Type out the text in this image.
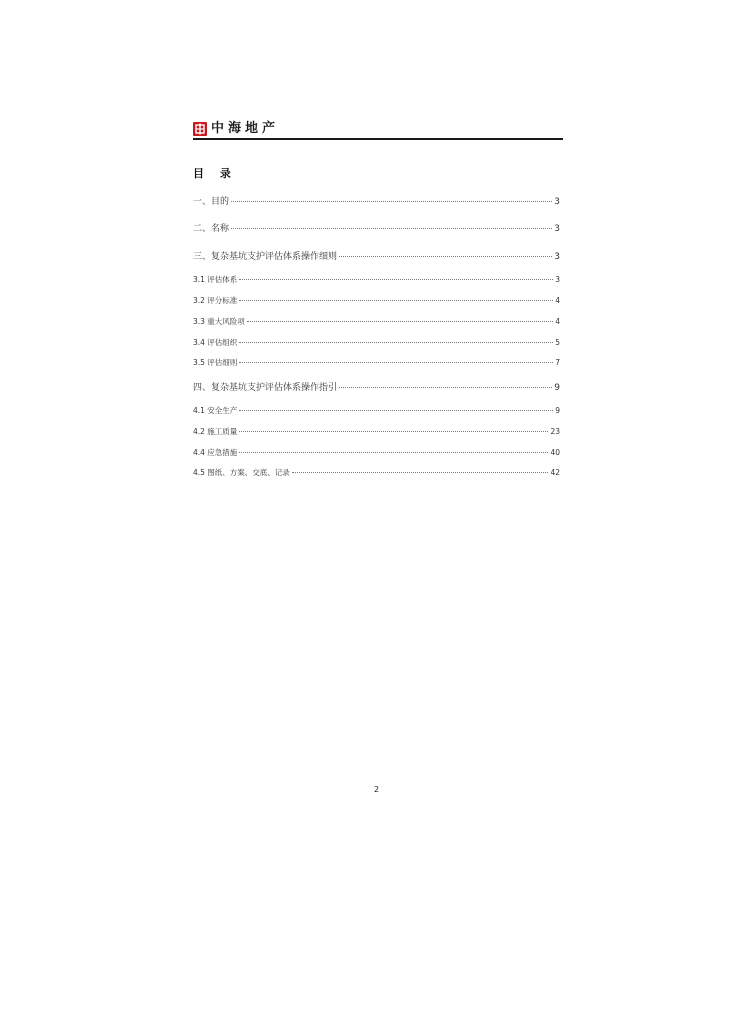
中海地产
目 录
一、目的	3
二、名称	3
三、复杂基坑支护评估体系操作细则	3
3.1 评估体系	3
3.2 评分标准	4
3.3 重大风险项	4
3.4 评估组织	5
3.5 评估细则	7
四、复杂基坑支护评估体系操作指引	9
4.1 安全生产	9
4.2 施工质量	23
4.4 应急措施	40
4.5 图纸、方案、交底、记录	42
2
